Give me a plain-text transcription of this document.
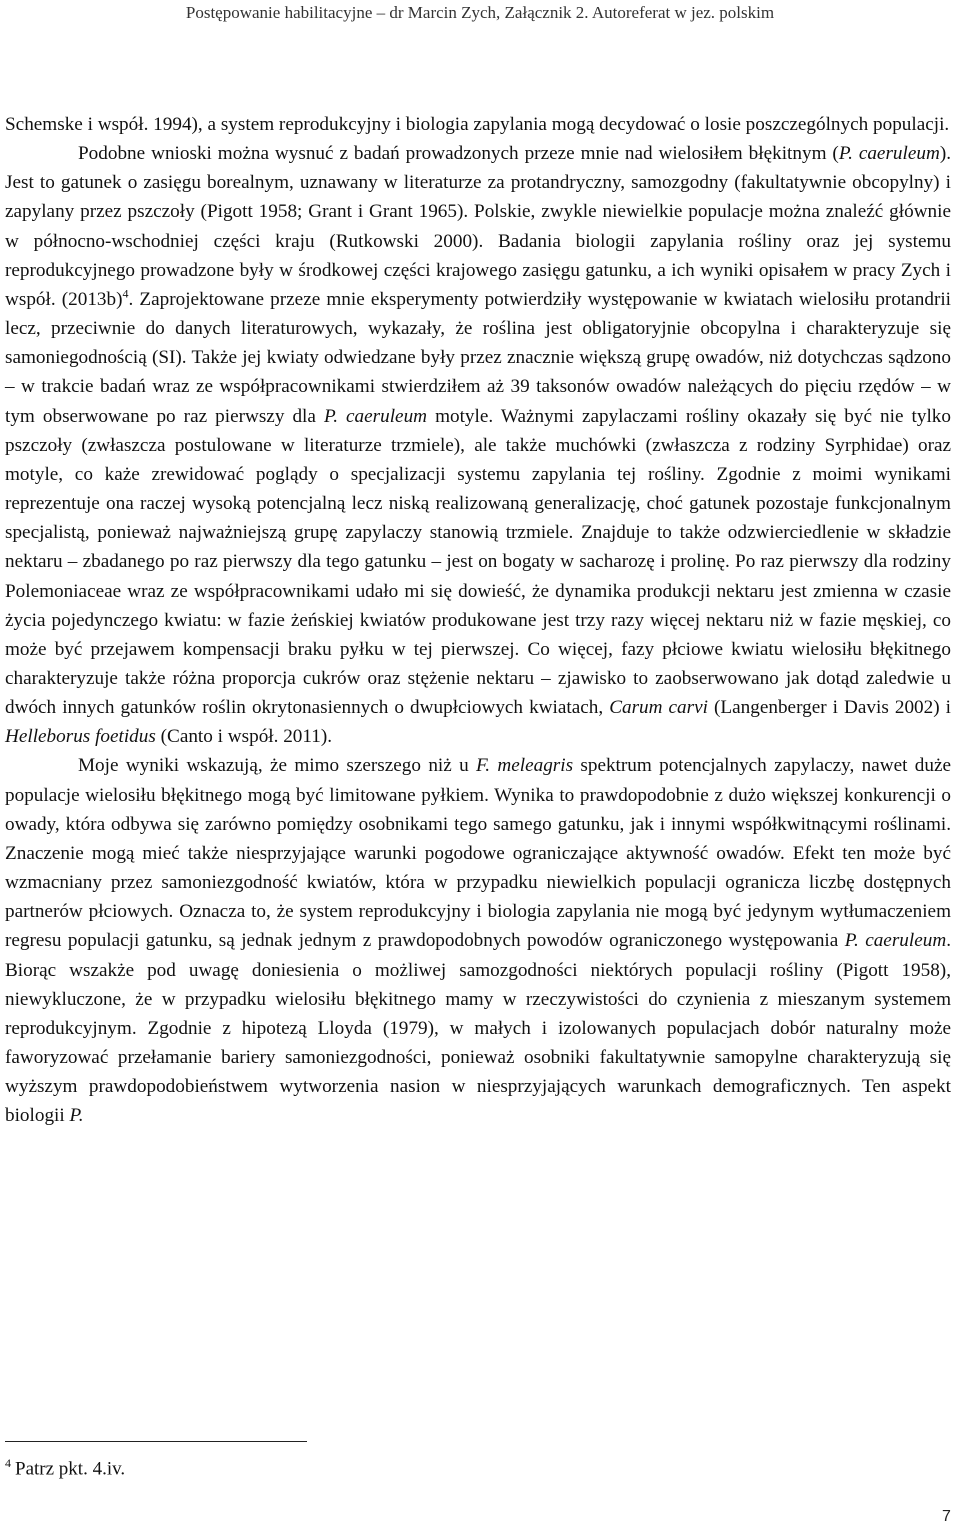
Postępowanie habilitacyjne – dr Marcin Zych, Załącznik 2. Autoreferat w jez. polskim

Schemske i współ. 1994), a system reprodukcyjny i biologia zapylania mogą decydować o losie poszczególnych populacji.

Podobne wnioski można wysnuć z badań prowadzonych przeze mnie nad wielosiłem błękitnym (P. caeruleum). Jest to gatunek o zasięgu borealnym, uznawany w literaturze za protandryczny, samozgodny (fakultatywnie obcopylny) i zapylany przez pszczoły (Pigott 1958; Grant i Grant 1965). Polskie, zwykle niewielkie populacje można znaleźć głównie w północno-wschodniej części kraju (Rutkowski 2000). Badania biologii zapylania rośliny oraz jej systemu reprodukcyjnego prowadzone były w środkowej części krajowego zasięgu gatunku, a ich wyniki opisałem w pracy Zych i współ. $(2013b)^4$. Zaprojektowane przeze mnie eksperymenty potwierdziły występowanie w kwiatach wielosiłu protandrii lecz, przeciwnie do danych literaturowych, wykazały, że roślina jest obligatoryjnie obcopylna i charakteryzuje się samoniegodnością (SI). Także jej kwiaty odwiedzane były przez znacznie większą grupę owadów, niż dotychczas sądzono – w trakcie badań wraz ze współpracownikami stwierdziłem aż 39 taksonów owadów należących do pięciu rzędów – w tym obserwowane po raz pierwszy dla P. caeruleum motyle. Ważnymi zapylaczami rośliny okazały się być nie tylko pszczoły (zwłaszcza postulowane w literaturze trzmiele), ale także muchówki (zwłaszcza z rodziny Syrphidae) oraz motyle, co każe zrewidować poglądy o specjalizacji systemu zapylania tej rośliny. Zgodnie z moimi wynikami reprezentuje ona raczej wysoką potencjalną lecz niską realizowaną generalizację, choć gatunek pozostaje funkcjonalnym specjalistą, ponieważ najważniejszą grupę zapylaczy stanowią trzmiele. Znajduje to także odzwierciedlenie w składzie nektaru – zbadanego po raz pierwszy dla tego gatunku – jest on bogaty w sacharozę i prolinę. Po raz pierwszy dla rodziny Polemoniaceae wraz ze współpracownikami udało mi się dowieść, że dynamika produkcji nektaru jest zmienna w czasie życia pojedynczego kwiatu: w fazie żeńskiej kwiatów produkowane jest trzy razy więcej nektaru niż w fazie męskiej, co może być przejawem kompensacji braku pyłku w tej pierwszej. Co więcej, fazy płciowe kwiatu wielosiłu błękitnego charakteryzuje także różna proporcja cukrów oraz stężenie nektaru – zjawisko to zaobserwowano jak dotąd zaledwie u dwóch innych gatunków roślin okrytonasiennych o dwupłciowych kwiatach, Carum carvi (Langenberger i Davis 2002) i Helleborus foetidus (Canto i współ. 2011).

Moje wyniki wskazują, że mimo szerszego niż u F. meleagris spektrum potencjalnych zapylaczy, nawet duże populacje wielosiłu błękitnego mogą być limitowane pyłkiem. Wynika to prawdopodobnie z dużo większej konkurencji o owady, która odbywa się zarówno pomiędzy osobnikami tego samego gatunku, jak i innymi współkwitnącymi roślinami. Znaczenie mogą mieć także niesprzyjające warunki pogodowe ograniczające aktywność owadów. Efekt ten może być wzmacniany przez samoniezgodność kwiatów, która w przypadku niewielkich populacji ogranicza liczbę dostępnych partnerów płciowych. Oznacza to, że system reprodukcyjny i biologia zapylania nie mogą być jedynym wytłumaczeniem regresu populacji gatunku, są jednak jednym z prawdopodobnych powodów ograniczonego występowania P. caeruleum. Biorąc wszakże pod uwagę doniesienia o możliwej samozgodności niektórych populacji rośliny (Pigott 1958), niewykluczone, że w przypadku wielosiłu błękitnego mamy w rzeczywistości do czynienia z mieszanym systemem reprodukcyjnym. Zgodnie z hipotezą Lloyda (1979), w małych i izolowanych populacjach dobór naturalny może faworyzować przełamanie bariery samoniezgodności, ponieważ osobniki fakultatywnie samopylne charakteryzują się wyższym prawdopodobieństwem wytworzenia nasion w niesprzyjających warunkach demograficznych. Ten aspekt biologii P.

$^4$ Patrz pkt. 4.iv.
7
